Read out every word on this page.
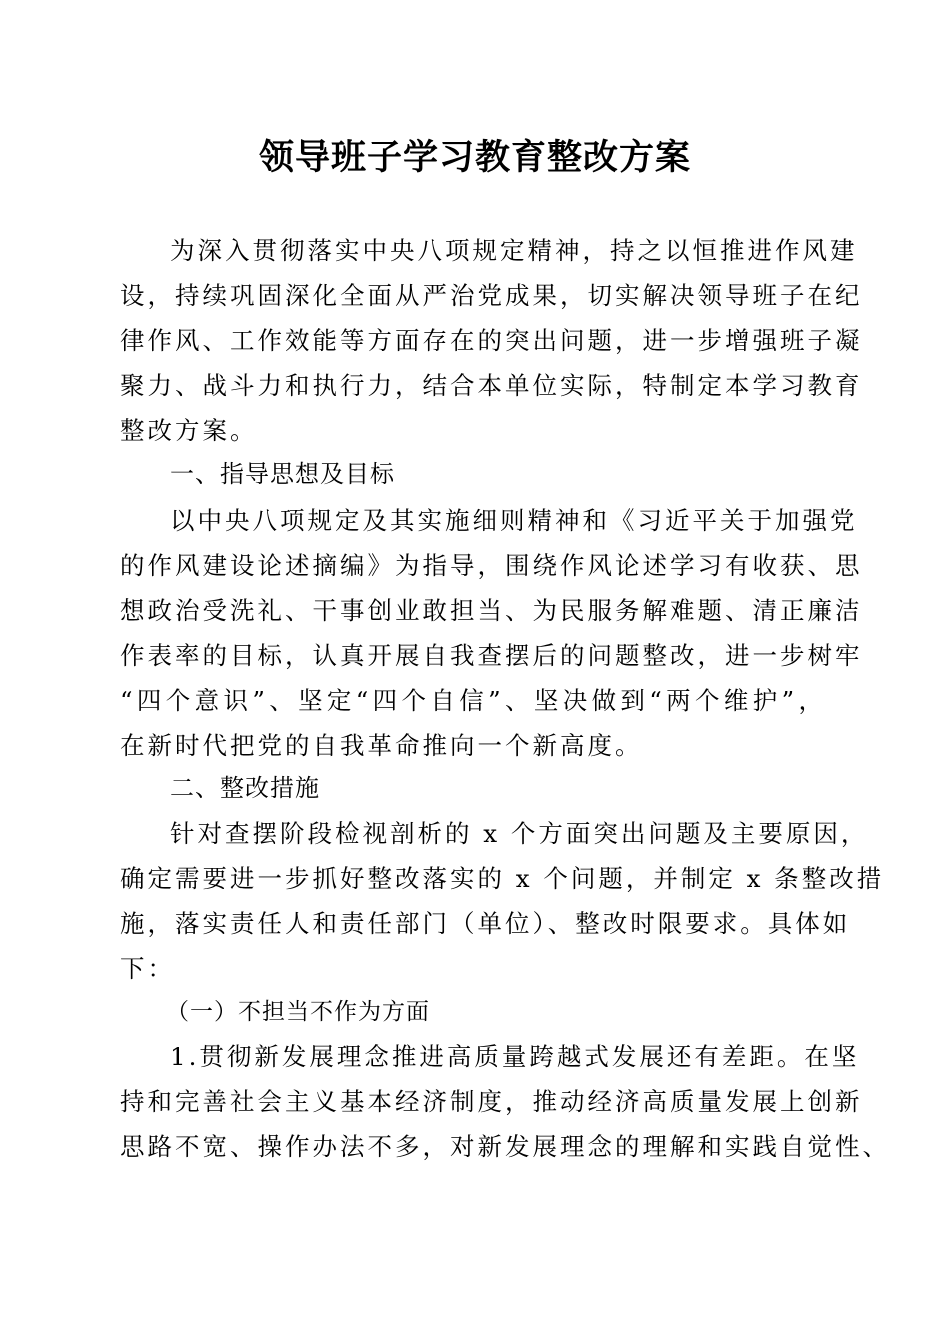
领导班子学习教育整改方案
为深入贯彻落实中央八项规定精神，持之以恒推进作风建
设，持续巩固深化全面从严治党成果，切实解决领导班子在纪
律作风、工作效能等方面存在的突出问题，进一步增强班子凝
聚力、战斗力和执行力，结合本单位实际，特制定本学习教育
整改方案。
一、指导思想及目标
以中央八项规定及其实施细则精神和《习近平关于加强党
的作风建设论述摘编》为指导，围绕作风论述学习有收获、思
想政治受洗礼、干事创业敢担当、为民服务解难题、清正廉洁
作表率的目标，认真开展自我查摆后的问题整改，进一步树牢
“四个意识”、坚定“四个自信”、坚决做到“两个维护”，
在新时代把党的自我革命推向一个新高度。
二、整改措施
针对查摆阶段检视剖析的 x 个方面突出问题及主要原因，
确定需要进一步抓好整改落实的 x 个问题，并制定 x 条整改措
施，落实责任人和责任部门（单位）、整改时限要求。具体如
下：
（一）不担当不作为方面
1.贯彻新发展理念推进高质量跨越式发展还有差距。在坚
持和完善社会主义基本经济制度，推动经济高质量发展上创新
思路不宽、操作办法不多，对新发展理念的理解和实践自觉性、
